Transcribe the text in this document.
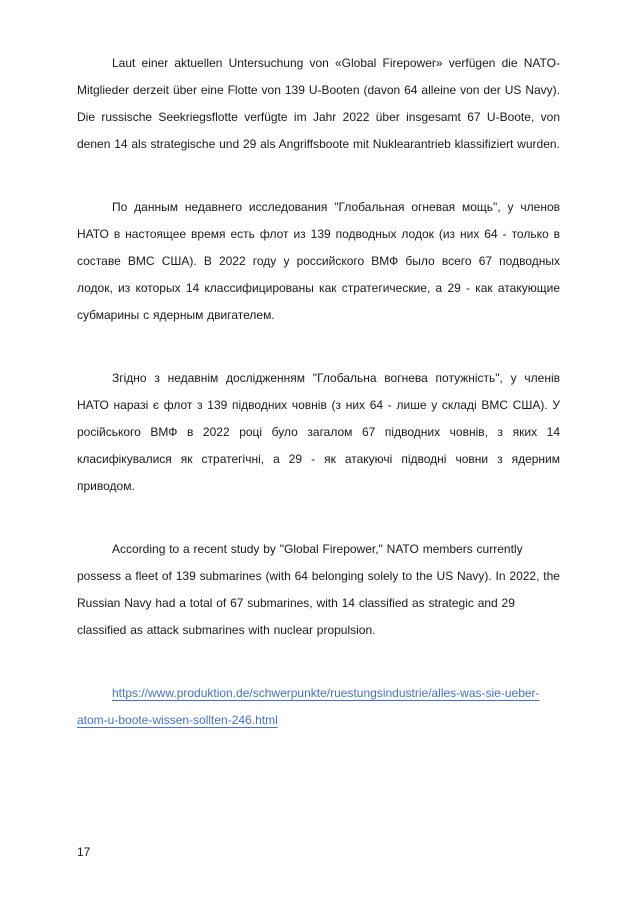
Laut einer aktuellen Untersuchung von «Global Firepower» verfügen die NATO-Mitglieder derzeit über eine Flotte von 139 U-Booten (davon 64 alleine von der US Navy). Die russische Seekriegsflotte verfügte im Jahr 2022 über insgesamt 67 U-Boote, von denen 14 als strategische und 29 als Angriffsboote mit Nuklearantrieb klassifiziert wurden.

По данным недавнего исследования "Глобальная огневая мощь", у членов НАТО в настоящее время есть флот из 139 подводных лодок (из них 64 - только в составе ВМС США). В 2022 году у российского ВМФ было всего 67 подводных лодок, из которых 14 классифицированы как стратегические, а 29 - как атакующие субмарины с ядерным двигателем.

Згідно з недавнім дослідженням "Глобальна вогнева потужність", у членів НАТО наразі є флот з 139 підводних човнів (з них 64 - лише у складі ВМС США). У російського ВМФ в 2022 році було загалом 67 підводних човнів, з яких 14 класифікувалися як стратегічні, а 29 - як атакуючі підводні човни з ядерним приводом.

According to a recent study by "Global Firepower," NATO members currently possess a fleet of 139 submarines (with 64 belonging solely to the US Navy). In 2022, the Russian Navy had a total of 67 submarines, with 14 classified as strategic and 29 classified as attack submarines with nuclear propulsion.

https://www.produktion.de/schwerpunkte/ruestungsindustrie/alles-was-sie-ueber-
atom-u-boote-wissen-sollten-246.html

17
